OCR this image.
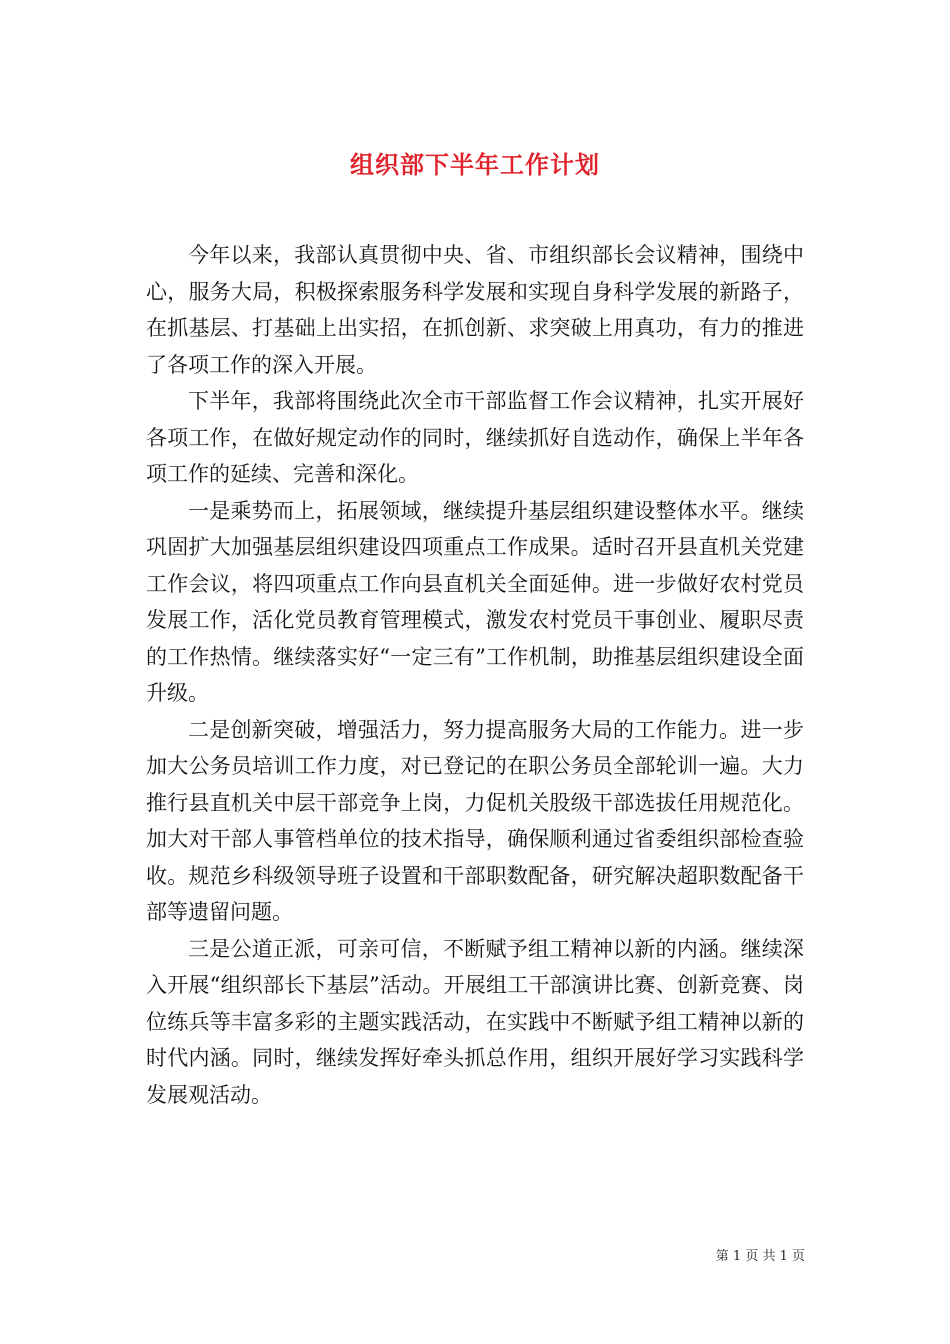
组织部下半年工作计划

今年以来，我部认真贯彻中央、省、市组织部长会议精神，围绕中心，服务大局，积极探索服务科学发展和实现自身科学发展的新路子，在抓基层、打基础上出实招，在抓创新、求突破上用真功，有力的推进了各项工作的深入开展。

下半年，我部将围绕此次全市干部监督工作会议精神，扎实开展好各项工作，在做好规定动作的同时，继续抓好自选动作，确保上半年各项工作的延续、完善和深化。

一是乘势而上，拓展领域，继续提升基层组织建设整体水平。继续巩固扩大加强基层组织建设四项重点工作成果。适时召开县直机关党建工作会议，将四项重点工作向县直机关全面延伸。进一步做好农村党员发展工作，活化党员教育管理模式，激发农村党员干事创业、履职尽责的工作热情。继续落实好“一定三有”工作机制，助推基层组织建设全面升级。

二是创新突破，增强活力，努力提高服务大局的工作能力。进一步加大公务员培训工作力度，对已登记的在职公务员全部轮训一遍。大力推行县直机关中层干部竞争上岗，力促机关股级干部选拔任用规范化。加大对干部人事管档单位的技术指导，确保顺利通过省委组织部检查验收。规范乡科级领导班子设置和干部职数配备，研究解决超职数配备干部等遗留问题。

三是公道正派，可亲可信，不断赋予组工精神以新的内涵。继续深入开展“组织部长下基层”活动。开展组工干部演讲比赛、创新竞赛、岗位练兵等丰富多彩的主题实践活动，在实践中不断赋予组工精神以新的时代内涵。同时，继续发挥好牵头抓总作用，组织开展好学习实践科学发展观活动。

第 1 页 共 1 页
